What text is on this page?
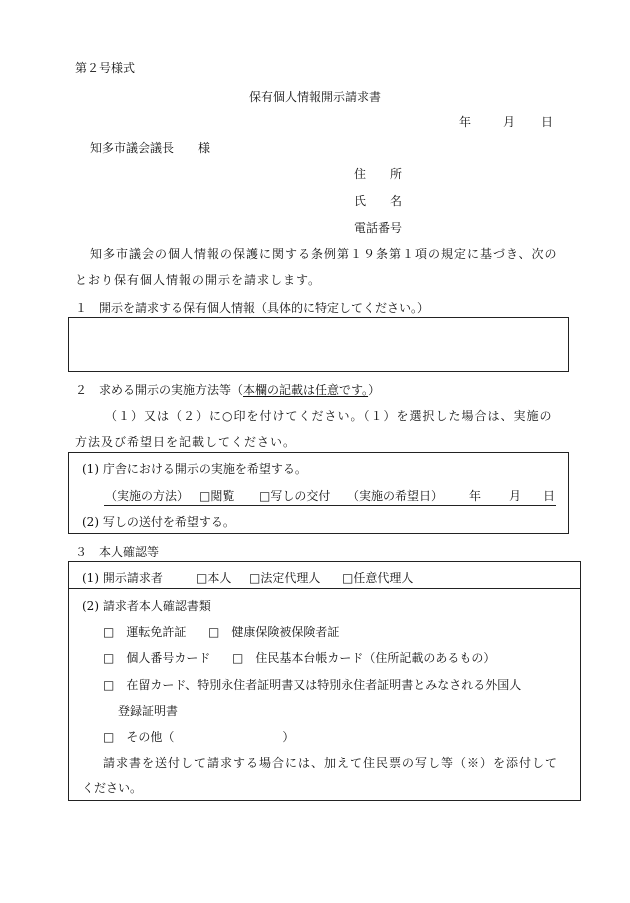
第２号様式
保有個人情報開示請求書
年	月 日
知多市議会議長　　様
住　　所
氏　　名
電話番号
知多市議会の個人情報の保護に関する条例第１９条第１項の規定に基づき、次の
とおり保有個人情報の開示を請求します。
１　開示を請求する保有個人情報（具体的に特定してください。）
２　求める開示の実施方法等（本欄の記載は任意です。）
（１）又は（２）に○印を付けてください。（１）を選択した場合は、実施の
方法及び希望日を記載してください。
(1) 庁舎における開示の実施を希望する。
（実施の方法） □閲覧 □写しの交付 （実施の希望日） 年 月 日
(2) 写しの送付を希望する。
３　本人確認等
(1) 開示請求者	□本人 □法定代理人 □任意代理人
(2) 請求者本人確認書類
□　運転免許証 □　健康保険被保険者証
□　個人番号カード □　住民基本台帳カード（住所記載のあるもの）
□　在留カード、特別永住者証明書又は特別永住者証明書とみなされる外国人
登録証明書
□　その他（　　　　　　　　　）
請求書を送付して請求する場合には、加えて住民票の写し等（※）を添付して
ください。
